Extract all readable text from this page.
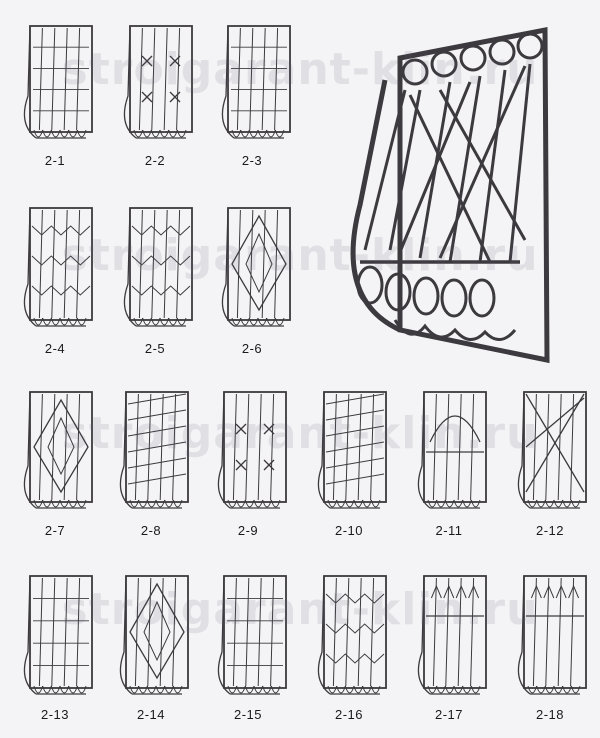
stroigarant-klin.ru
stroigarant-klin.ru
stroigarant-klin.ru
stroigarant-klin.ru
2-1	2-2	2-3
2-4	2-5	2-6
2-7	2-8	2-9	2-10	2-11	2-12
2-13	2-14	2-15	2-16	2-17	2-18
